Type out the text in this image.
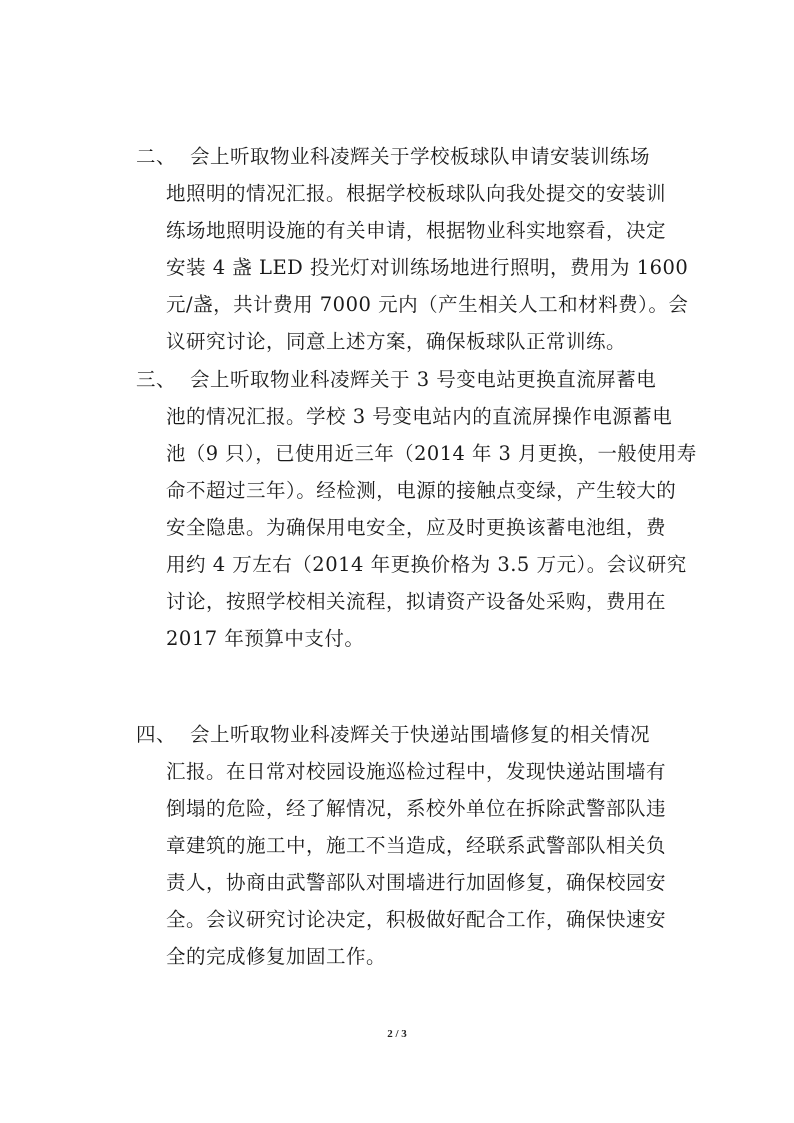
二、 会上听取物业科凌辉关于学校板球队申请安装训练场
地照明的情况汇报。根据学校板球队向我处提交的安装训
练场地照明设施的有关申请，根据物业科实地察看，决定
安装 4 盏 LED 投光灯对训练场地进行照明，费用为 1600
元/盏，共计费用 7000 元内（产生相关人工和材料费）。会
议研究讨论，同意上述方案，确保板球队正常训练。
三、 会上听取物业科凌辉关于 3 号变电站更换直流屏蓄电
池的情况汇报。学校 3 号变电站内的直流屏操作电源蓄电
池（9 只），已使用近三年（2014 年 3 月更换，一般使用寿
命不超过三年）。经检测，电源的接触点变绿，产生较大的
安全隐患。为确保用电安全，应及时更换该蓄电池组，费
用约 4 万左右（2014 年更换价格为 3.5 万元）。会议研究
讨论，按照学校相关流程，拟请资产设备处采购，费用在
2017 年预算中支付。
四、 会上听取物业科凌辉关于快递站围墙修复的相关情况
汇报。在日常对校园设施巡检过程中，发现快递站围墙有
倒塌的危险，经了解情况，系校外单位在拆除武警部队违
章建筑的施工中，施工不当造成，经联系武警部队相关负
责人，协商由武警部队对围墙进行加固修复，确保校园安
全。会议研究讨论决定，积极做好配合工作，确保快速安
全的完成修复加固工作。
2 / 3
